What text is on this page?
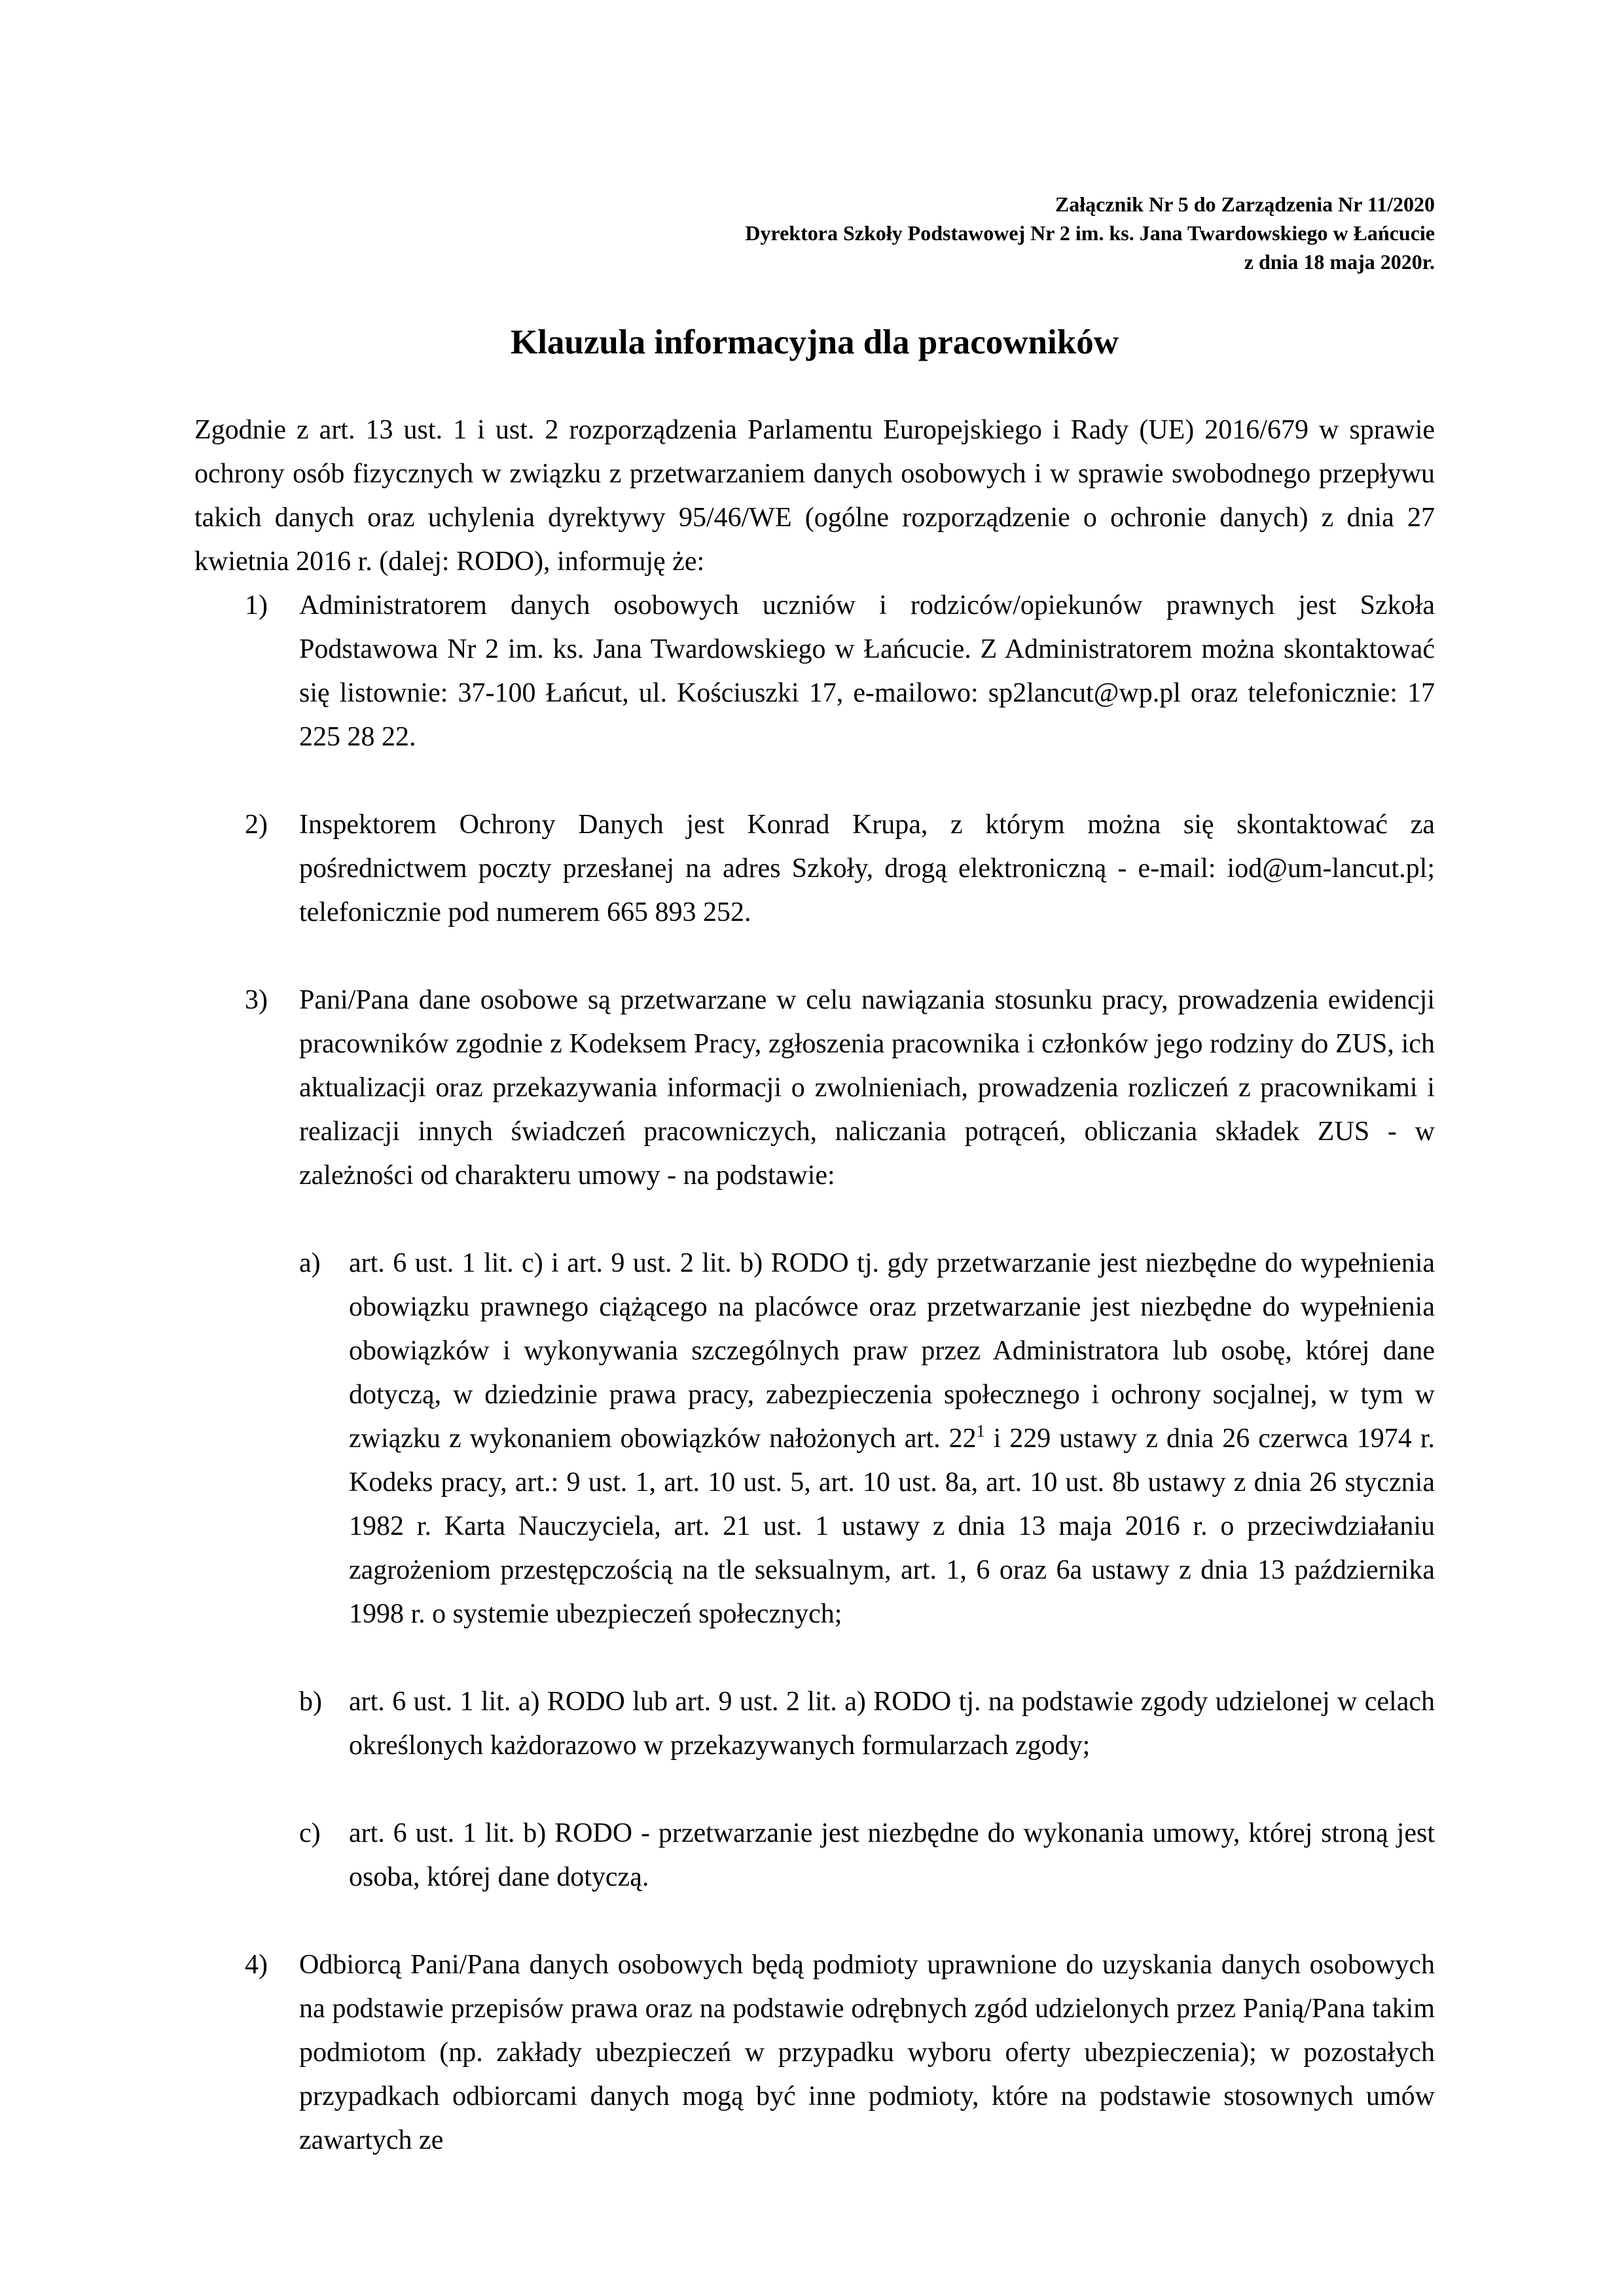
Załącznik Nr 5 do Zarządzenia Nr 11/2020
Dyrektora Szkoły Podstawowej Nr 2 im. ks. Jana Twardowskiego w Łańcucie
z dnia 18 maja 2020r.
Klauzula informacyjna dla pracowników
Zgodnie z art. 13 ust. 1 i ust. 2 rozporządzenia Parlamentu Europejskiego i Rady (UE) 2016/679 w sprawie ochrony osób fizycznych w związku z przetwarzaniem danych osobowych i w sprawie swobodnego przepływu takich danych oraz uchylenia dyrektywy 95/46/WE (ogólne rozporządzenie o ochronie danych) z dnia 27 kwietnia 2016 r. (dalej: RODO), informuję że:
1)	Administratorem danych osobowych uczniów i rodziców/opiekunów prawnych jest Szkoła Podstawowa Nr 2 im. ks. Jana Twardowskiego w Łańcucie. Z Administratorem można skontaktować się listownie: 37-100 Łańcut, ul. Kościuszki 17, e-mailowo: sp2lancut@wp.pl oraz telefonicznie: 17 225 28 22.
2)	Inspektorem Ochrony Danych jest Konrad Krupa, z którym można się skontaktować za pośrednictwem poczty przesłanej na adres Szkoły, drogą elektroniczną - e-mail: iod@um-lancut.pl; telefonicznie pod numerem 665 893 252.
3)	Pani/Pana dane osobowe są przetwarzane w celu nawiązania stosunku pracy, prowadzenia ewidencji pracowników zgodnie z Kodeksem Pracy, zgłoszenia pracownika i członków jego rodziny do ZUS, ich aktualizacji oraz przekazywania informacji o zwolnieniach, prowadzenia rozliczeń z pracownikami i realizacji innych świadczeń pracowniczych, naliczania potrąceń, obliczania składek ZUS - w zależności od charakteru umowy - na podstawie:
a)	art. 6 ust. 1 lit. c) i art. 9 ust. 2 lit. b) RODO tj. gdy przetwarzanie jest niezbędne do wypełnienia obowiązku prawnego ciążącego na placówce oraz przetwarzanie jest niezbędne do wypełnienia obowiązków i wykonywania szczególnych praw przez Administratora lub osobę, której dane dotyczą, w dziedzinie prawa pracy, zabezpieczenia społecznego i ochrony socjalnej, w tym w związku z wykonaniem obowiązków nałożonych art. $22^1$ i 229 ustawy z dnia 26 czerwca 1974 r. Kodeks pracy, art.: 9 ust. 1, art. 10 ust. 5, art. 10 ust. 8a, art. 10 ust. 8b ustawy z dnia 26 stycznia 1982 r. Karta Nauczyciela, art. 21 ust. 1 ustawy z dnia 13 maja 2016 r. o przeciwdziałaniu zagrożeniom przestępczością na tle seksualnym, art. 1, 6 oraz 6a ustawy z dnia 13 października 1998 r. o systemie ubezpieczeń społecznych;
b) art. 6 ust. 1 lit. a) RODO lub art. 9 ust. 2 lit. a) RODO tj. na podstawie zgody udzielonej w celach określonych każdorazowo w przekazywanych formularzach zgody;
c)	art. 6 ust. 1 lit. b) RODO - przetwarzanie jest niezbędne do wykonania umowy, której stroną jest osoba, której dane dotyczą.
4)	Odbiorcą Pani/Pana danych osobowych będą podmioty uprawnione do uzyskania danych osobowych na podstawie przepisów prawa oraz na podstawie odrębnych zgód udzielonych przez Panią/Pana takim podmiotom (np. zakłady ubezpieczeń w przypadku wyboru oferty ubezpieczenia); w pozostałych przypadkach odbiorcami danych mogą być inne podmioty, które na podstawie stosownych umów zawartych ze
